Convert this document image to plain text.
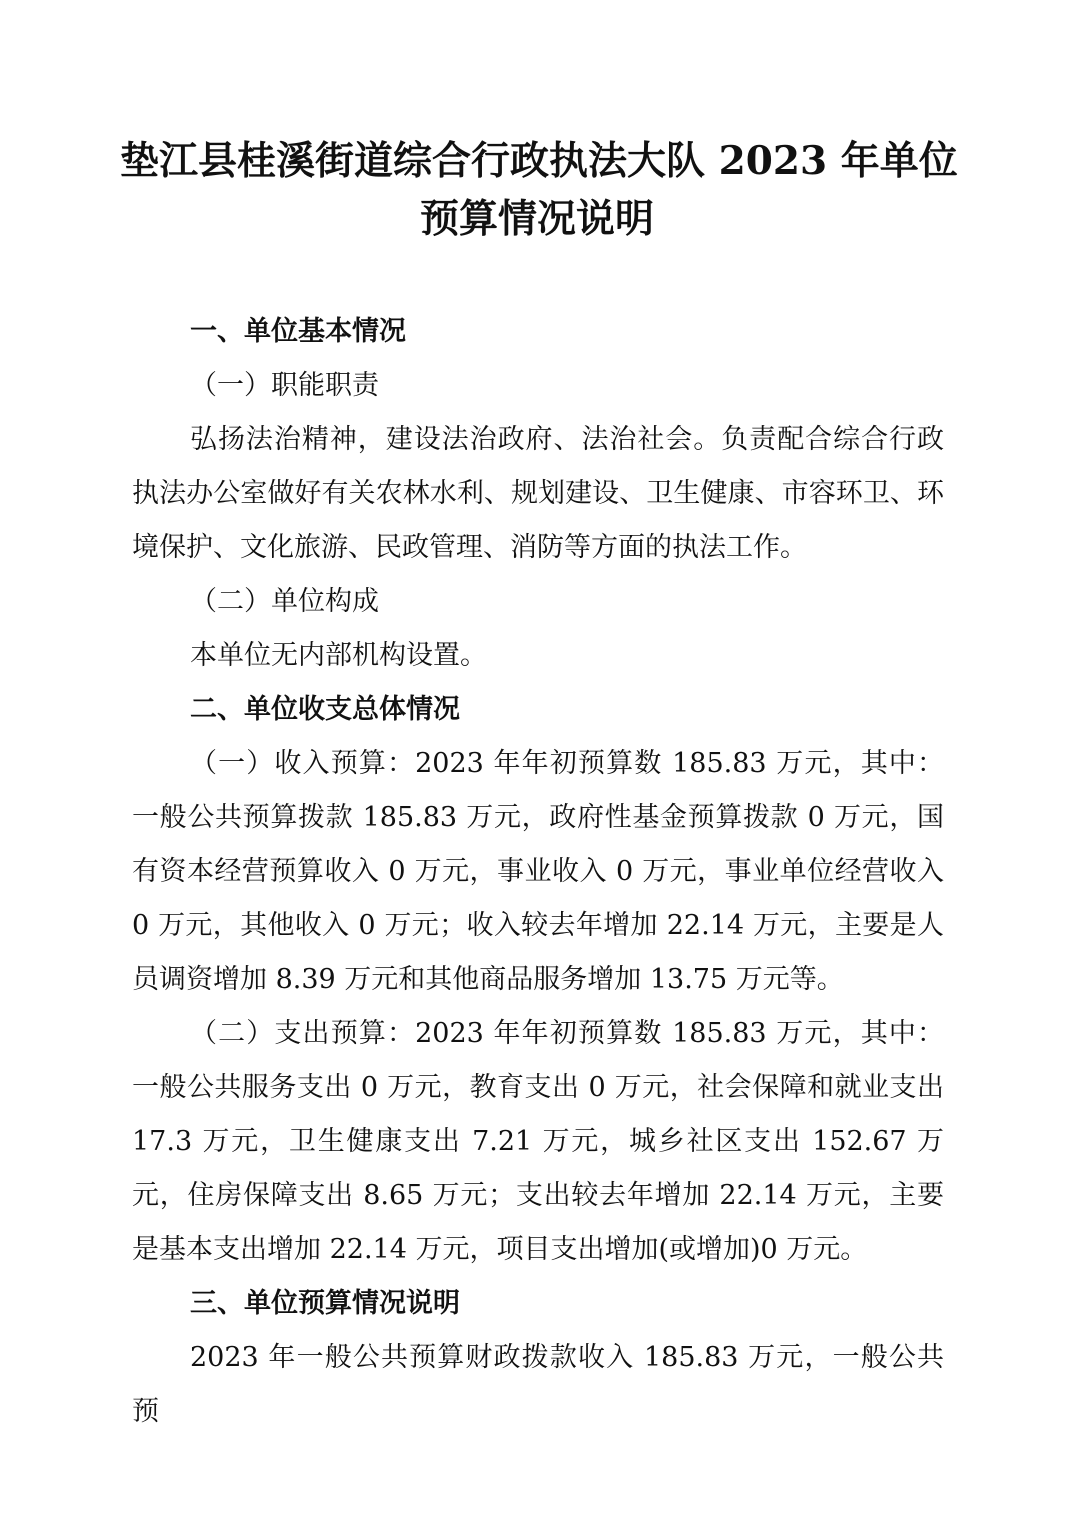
垫江县桂溪街道综合行政执法大队 2023 年单位
预算情况说明

一、单位基本情况

（一）职能职责

弘扬法治精神，建设法治政府、法治社会。负责配合综合行政执法办公室做好有关农林水利、规划建设、卫生健康、市容环卫、环境保护、文化旅游、民政管理、消防等方面的执法工作。

（二）单位构成

本单位无内部机构设置。

二、单位收支总体情况

（一）收入预算：2023 年年初预算数 185.83 万元，其中：一般公共预算拨款 185.83 万元，政府性基金预算拨款 0 万元，国有资本经营预算收入 0 万元，事业收入 0 万元，事业单位经营收入 0 万元，其他收入 0 万元；收入较去年增加 22.14 万元，主要是人员调资增加 8.39 万元和其他商品服务增加 13.75 万元等。

（二）支出预算：2023 年年初预算数 185.83 万元，其中：一般公共服务支出 0 万元，教育支出 0 万元，社会保障和就业支出 17.3 万元，卫生健康支出 7.21 万元，城乡社区支出 152.67 万元，住房保障支出 8.65 万元；支出较去年增加 22.14 万元，主要是基本支出增加 22.14 万元，项目支出增加(或增加)0 万元。

三、单位预算情况说明

2023 年一般公共预算财政拨款收入 185.83 万元，一般公共预
